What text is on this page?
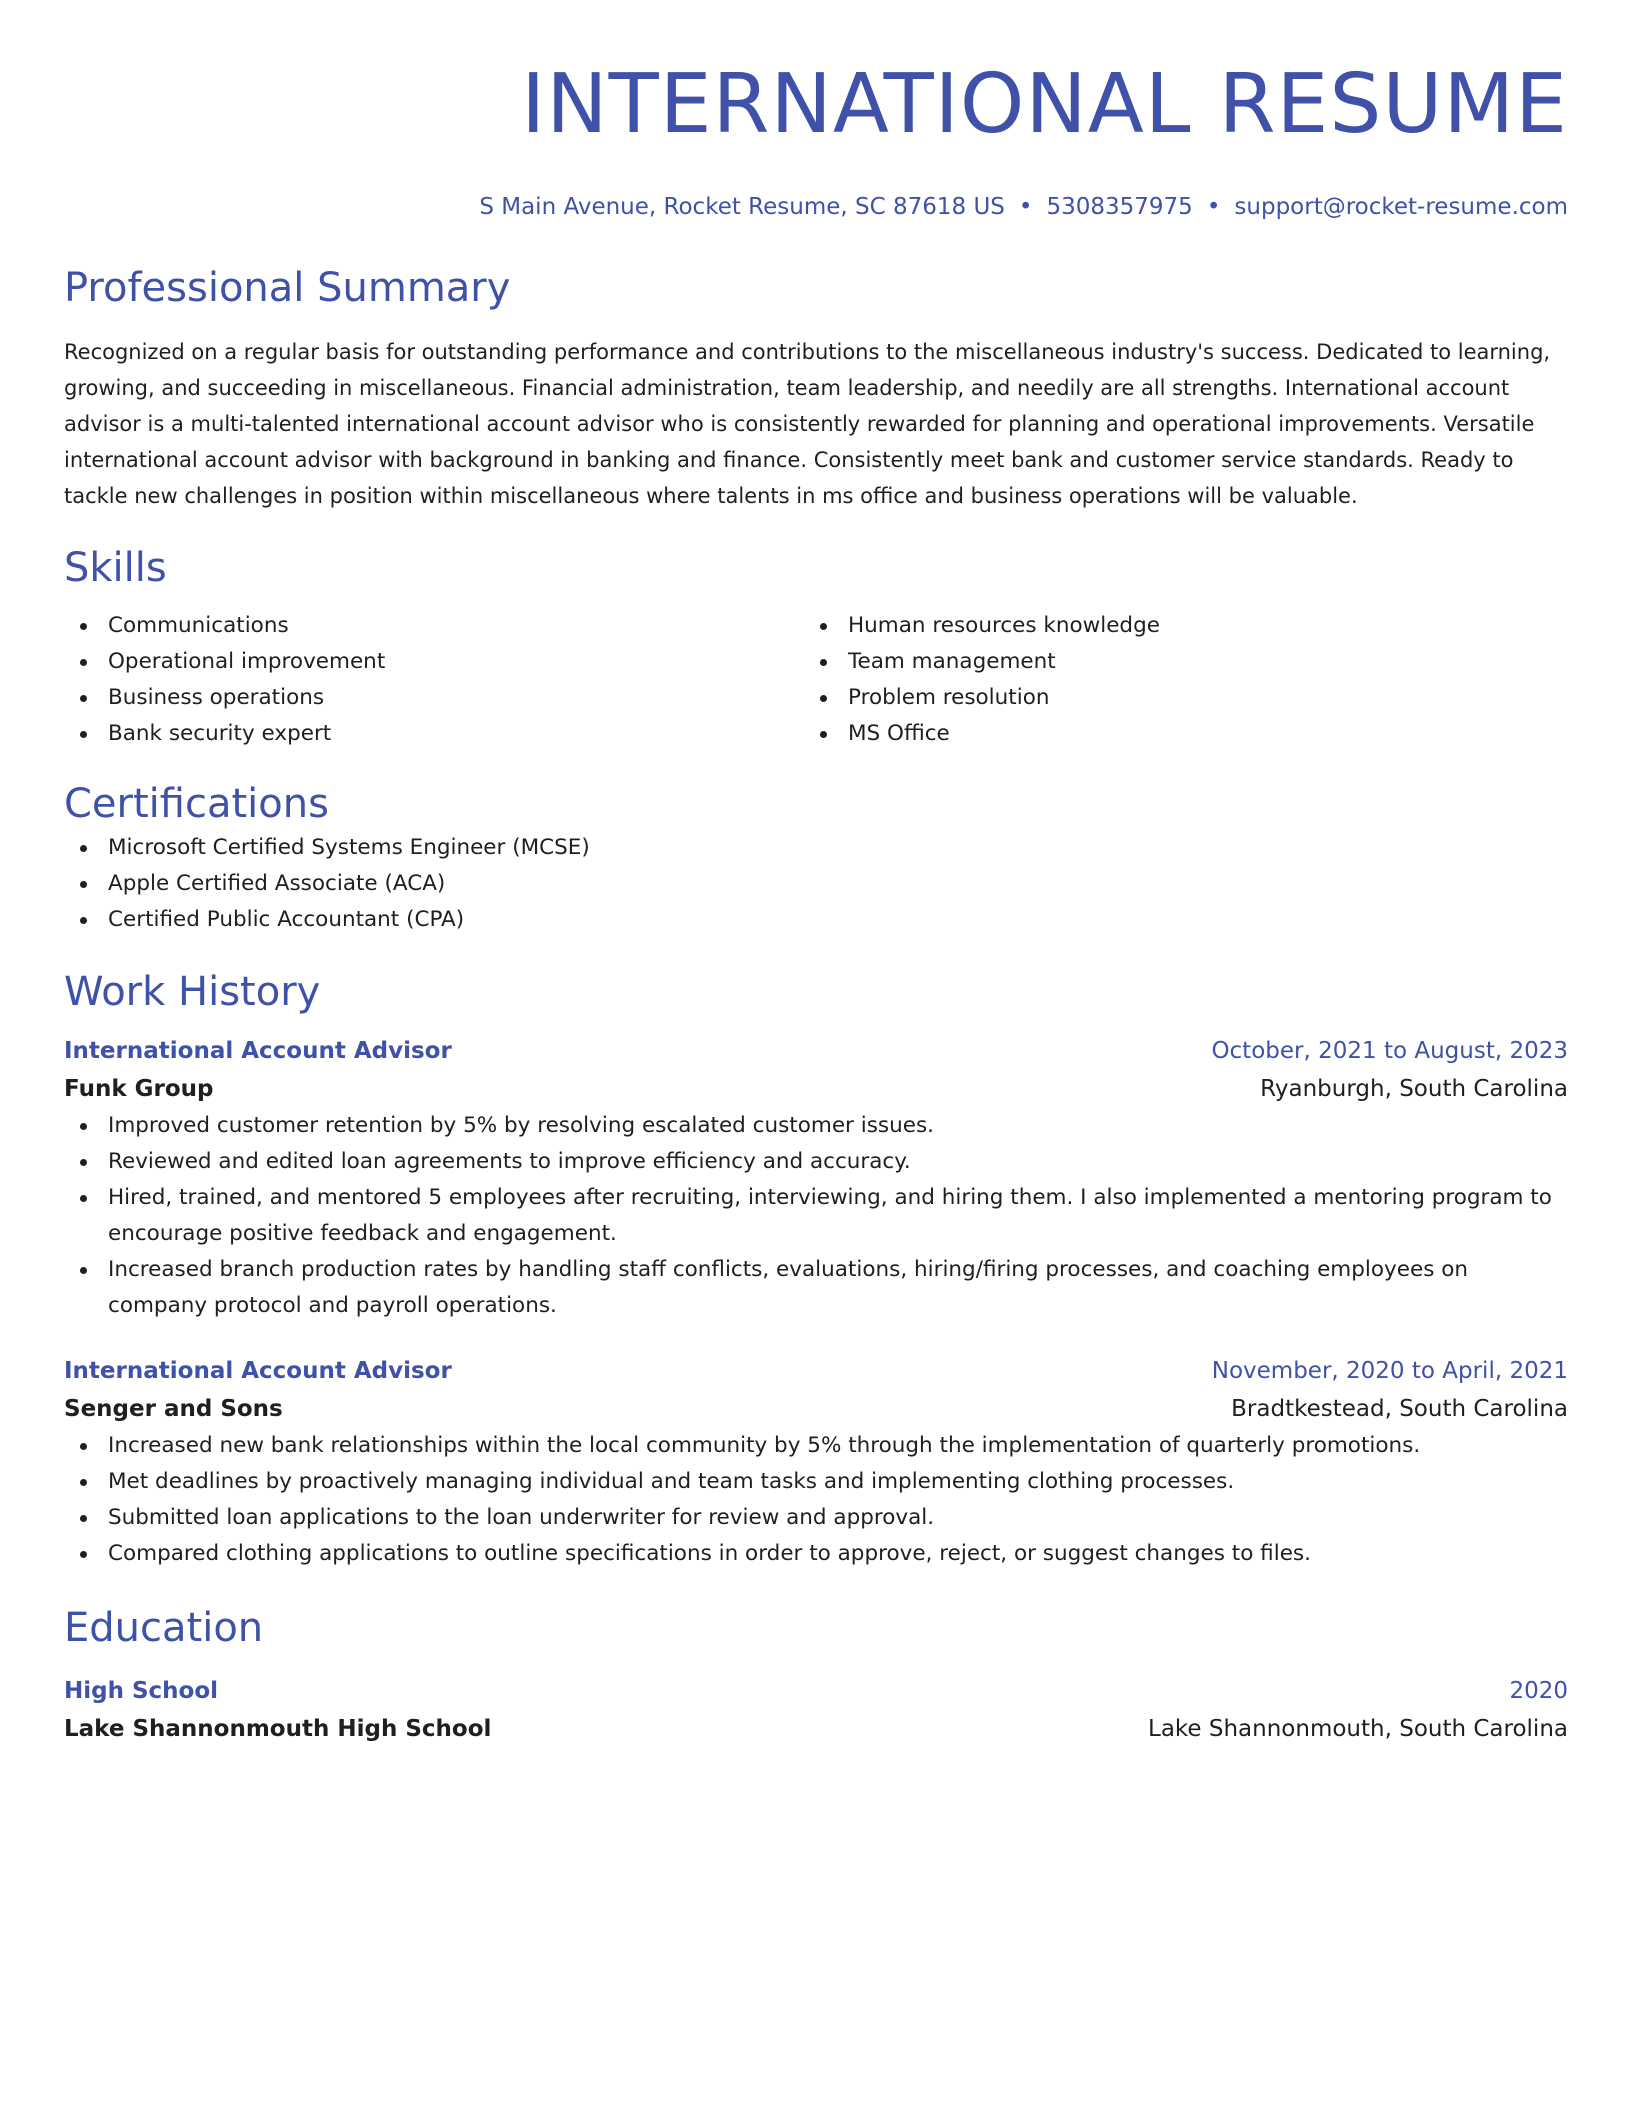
INTERNATIONAL RESUME
S Main Avenue, Rocket Resume, SC 87618 US • 5308357975 • support@rocket-resume.com
Professional Summary

Recognized on a regular basis for outstanding performance and contributions to the miscellaneous industry's success. Dedicated to learning, growing, and succeeding in miscellaneous. Financial administration, team leadership, and needily are all strengths. International account advisor is a multi-talented international account advisor who is consistently rewarded for planning and operational improvements. Versatile international account advisor with background in banking and finance. Consistently meet bank and customer service standards. Ready to tackle new challenges in position within miscellaneous where talents in ms office and business operations will be valuable.

Skills
Communications
Operational improvement
Business operations
Bank security expert
Human resources knowledge
Team management
Problem resolution
MS Office
Certifications
Microsoft Certified Systems Engineer (MCSE)
Apple Certified Associate (ACA)
Certified Public Accountant (CPA)
Work History
International Account Advisor	October, 2021 to August, 2023
Funk Group	Ryanburgh, South Carolina
Improved customer retention by 5% by resolving escalated customer issues.
Reviewed and edited loan agreements to improve efficiency and accuracy.
Hired, trained, and mentored 5 employees after recruiting, interviewing, and hiring them. I also implemented a mentoring program to encourage positive feedback and engagement.
Increased branch production rates by handling staff conflicts, evaluations, hiring/firing processes, and coaching employees on company protocol and payroll operations.
International Account Advisor	November, 2020 to April, 2021
Senger and Sons	Bradtkestead, South Carolina
Increased new bank relationships within the local community by 5% through the implementation of quarterly promotions.
Met deadlines by proactively managing individual and team tasks and implementing clothing processes.
Submitted loan applications to the loan underwriter for review and approval.
Compared clothing applications to outline specifications in order to approve, reject, or suggest changes to files.
Education
High School	2020
Lake Shannonmouth High School	Lake Shannonmouth, South Carolina
